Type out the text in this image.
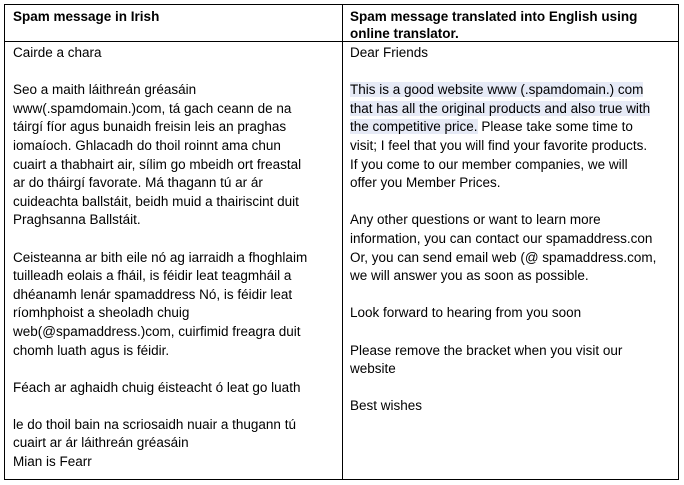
Spam message in Irish	Spam message translated into English using online translator.

Cairde a chara

Seo a maith láithreán gréasáin
www(.spamdomain.)com, tá gach ceann de na
táirgí fíor agus bunaidh freisin leis an praghas
iomaíoch. Ghlacadh do thoil roinnt ama chun
cuairt a thabhairt air, sílim go mbeidh ort freastal
ar do tháirgí favorate. Má thagann tú ar ár
cuideachta ballstáit, beidh muid a thairiscint duit
Praghsanna Ballstáit.

Ceisteanna ar bith eile nó ag iarraidh a fhoghlaim
tuilleadh eolais a fháil, is féidir leat teagmháil a
dhéanamh lenár spamaddress Nó, is féidir leat
ríomhphoist a sheoladh chuig
web(@spamaddress.)com, cuirfimid freagra duit
chomh luath agus is féidir.

Féach ar aghaidh chuig éisteacht ó leat go luath

le do thoil bain na scriosaidh nuair a thugann tú
cuairt ar ár láithreán gréasáin

Mian is Fearr

Dear Friends

This is a good website www (.spamdomain.) com
that has all the original products and also true with
the competitive price. Please take some time to
visit; I feel that you will find your favorite products.
If you come to our member companies, we will
offer you Member Prices.

Any other questions or want to learn more
information, you can contact our spamaddress.con
Or, you can send email web (@ spamaddress.com,
we will answer you as soon as possible.

Look forward to hearing from you soon

Please remove the bracket when you visit our
website

Best wishes
